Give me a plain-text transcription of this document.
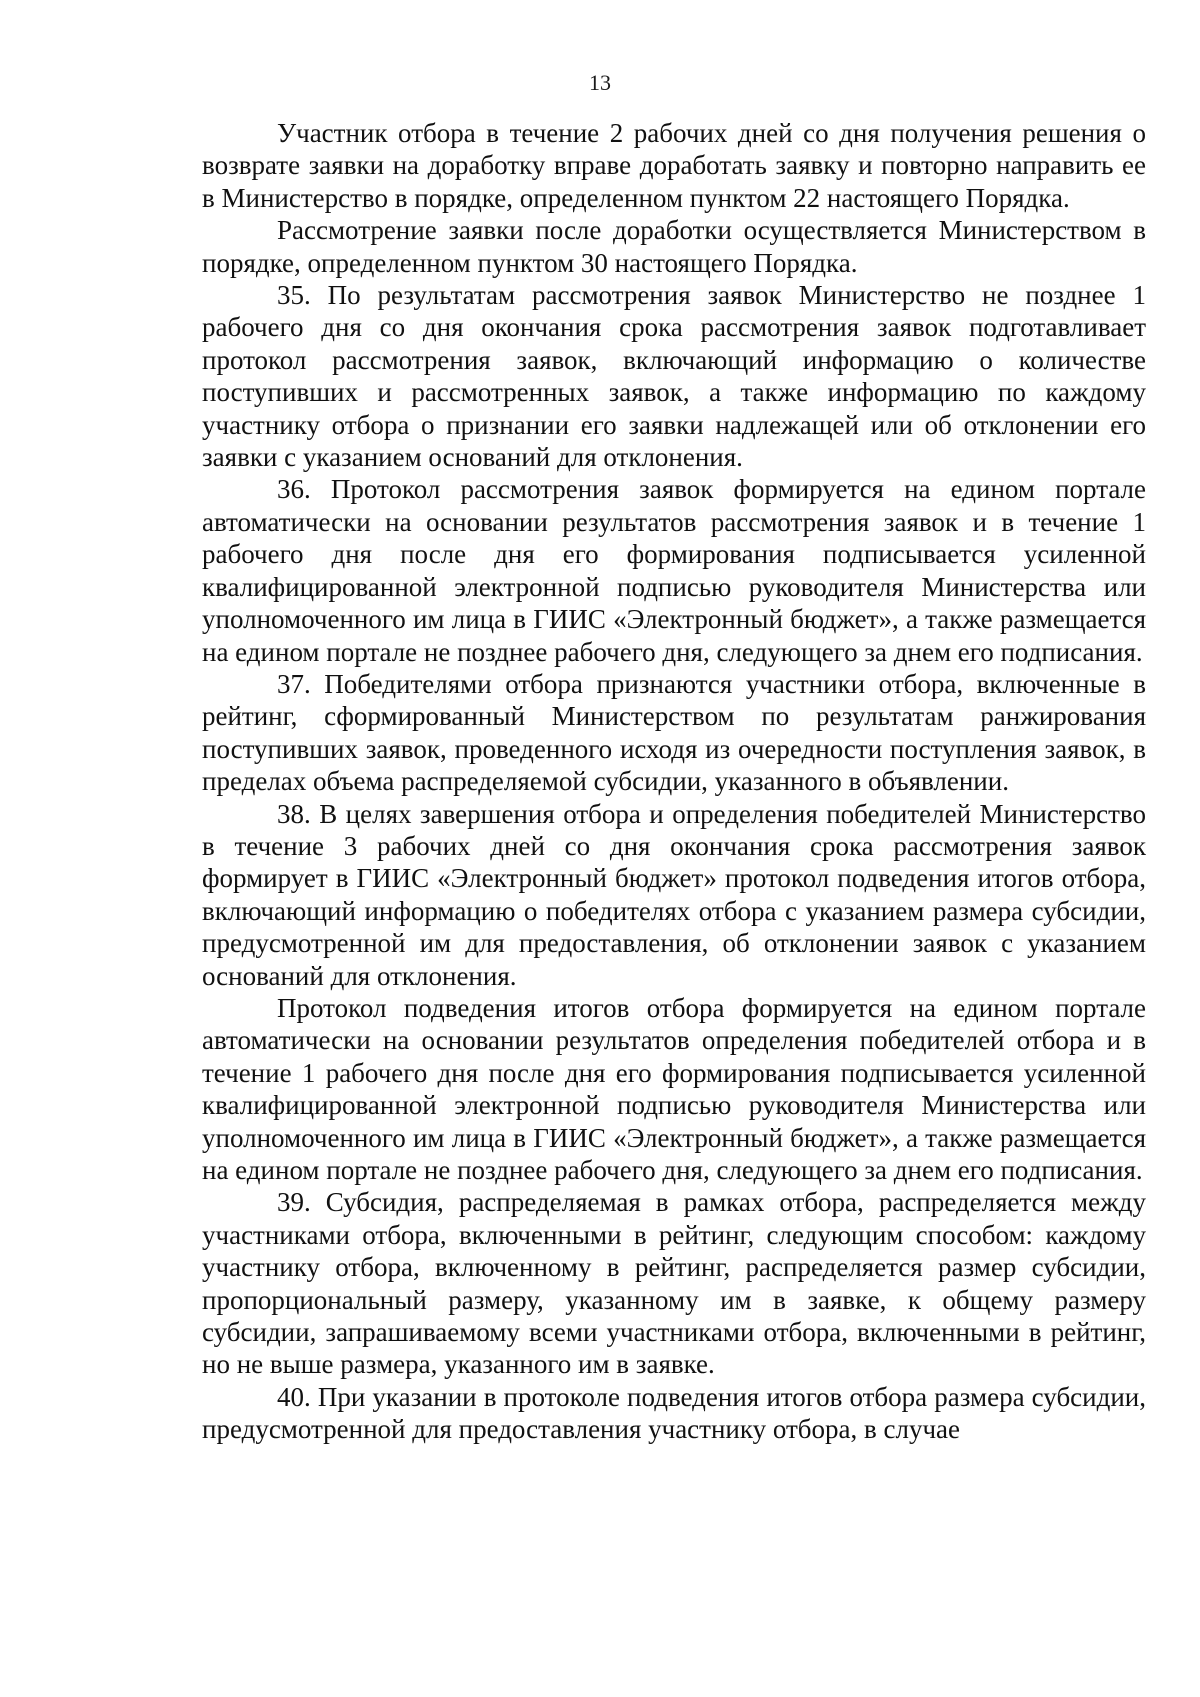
13

Участник отбора в течение 2 рабочих дней со дня получения решения о возврате заявки на доработку вправе доработать заявку и повторно направить ее в Министерство в порядке, определенном пунктом 22 настоящего Порядка.

Рассмотрение заявки после доработки осуществляется Министерством в порядке, определенном пунктом 30 настоящего Порядка.

35. По результатам рассмотрения заявок Министерство не позднее 1 рабочего дня со дня окончания срока рассмотрения заявок подготавливает протокол рассмотрения заявок, включающий информацию о количестве поступивших и рассмотренных заявок, а также информацию по каждому участнику отбора о признании его заявки надлежащей или об отклонении его заявки с указанием оснований для отклонения.

36. Протокол рассмотрения заявок формируется на едином портале автоматически на основании результатов рассмотрения заявок и в течение 1 рабочего дня после дня его формирования подписывается усиленной квалифицированной электронной подписью руководителя Министерства или уполномоченного им лица в ГИИС «Электронный бюджет», а также размещается на едином портале не позднее рабочего дня, следующего за днем его подписания.

37. Победителями отбора признаются участники отбора, включенные в рейтинг, сформированный Министерством по результатам ранжирования поступивших заявок, проведенного исходя из очередности поступления заявок, в пределах объема распределяемой субсидии, указанного в объявлении.

38. В целях завершения отбора и определения победителей Министерство в течение 3 рабочих дней со дня окончания срока рассмотрения заявок формирует в ГИИС «Электронный бюджет» протокол подведения итогов отбора, включающий информацию о победителях отбора с указанием размера субсидии, предусмотренной им для предоставления, об отклонении заявок с указанием оснований для отклонения.

Протокол подведения итогов отбора формируется на едином портале автоматически на основании результатов определения победителей отбора и в течение 1 рабочего дня после дня его формирования подписывается усиленной квалифицированной электронной подписью руководителя Министерства или уполномоченного им лица в ГИИС «Электронный бюджет», а также размещается на едином портале не позднее рабочего дня, следующего за днем его подписания.

39. Субсидия, распределяемая в рамках отбора, распределяется между участниками отбора, включенными в рейтинг, следующим способом: каждому участнику отбора, включенному в рейтинг, распределяется размер субсидии, пропорциональный размеру, указанному им в заявке, к общему размеру субсидии, запрашиваемому всеми участниками отбора, включенными в рейтинг, но не выше размера, указанного им в заявке.

40. При указании в протоколе подведения итогов отбора размера субсидии, предусмотренной для предоставления участнику отбора, в случае
